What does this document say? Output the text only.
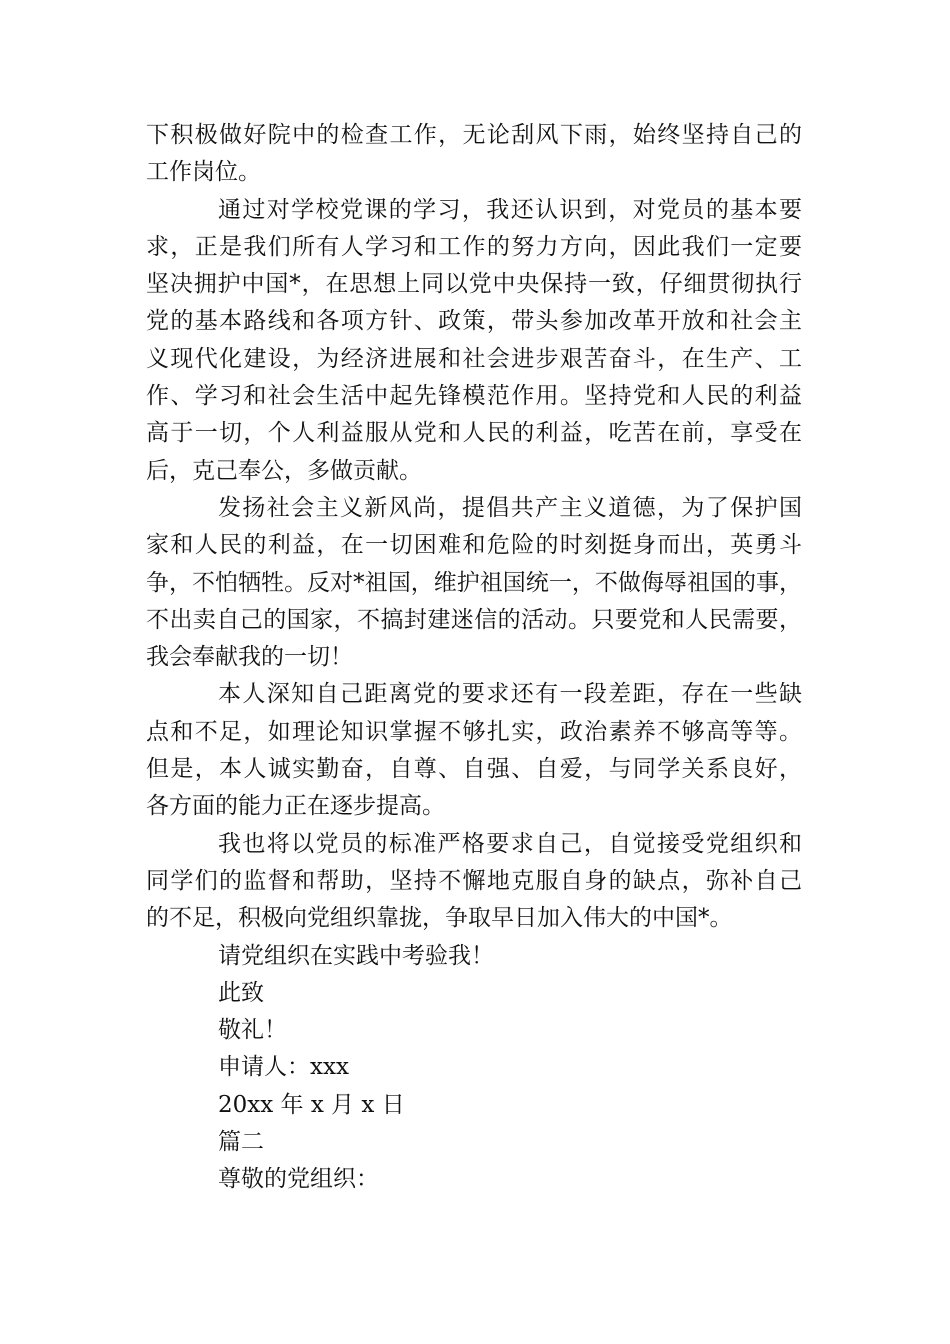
下积极做好院中的检查工作，无论刮风下雨，始终坚持自己的
工作岗位。
通过对学校党课的学习，我还认识到，对党员的基本要
求，正是我们所有人学习和工作的努力方向，因此我们一定要
坚决拥护中国*，在思想上同以党中央保持一致，仔细贯彻执行
党的基本路线和各项方针、政策，带头参加改革开放和社会主
义现代化建设，为经济进展和社会进步艰苦奋斗，在生产、工
作、学习和社会生活中起先锋模范作用。坚持党和人民的利益
高于一切，个人利益服从党和人民的利益，吃苦在前，享受在
后，克己奉公，多做贡献。
发扬社会主义新风尚，提倡共产主义道德，为了保护国
家和人民的利益，在一切困难和危险的时刻挺身而出，英勇斗
争，不怕牺牲。反对*祖国，维护祖国统一，不做侮辱祖国的事，
不出卖自己的国家，不搞封建迷信的活动。只要党和人民需要，
我会奉献我的一切！
本人深知自己距离党的要求还有一段差距，存在一些缺
点和不足，如理论知识掌握不够扎实，政治素养不够高等等。
但是，本人诚实勤奋，自尊、自强、自爱，与同学关系良好，
各方面的能力正在逐步提高。
我也将以党员的标准严格要求自己，自觉接受党组织和
同学们的监督和帮助，坚持不懈地克服自身的缺点，弥补自己
的不足，积极向党组织靠拢，争取早日加入伟大的中国*。
请党组织在实践中考验我！
此致
敬礼！
申请人：xxx
20xx 年 x 月 x 日
篇二
尊敬的党组织：
